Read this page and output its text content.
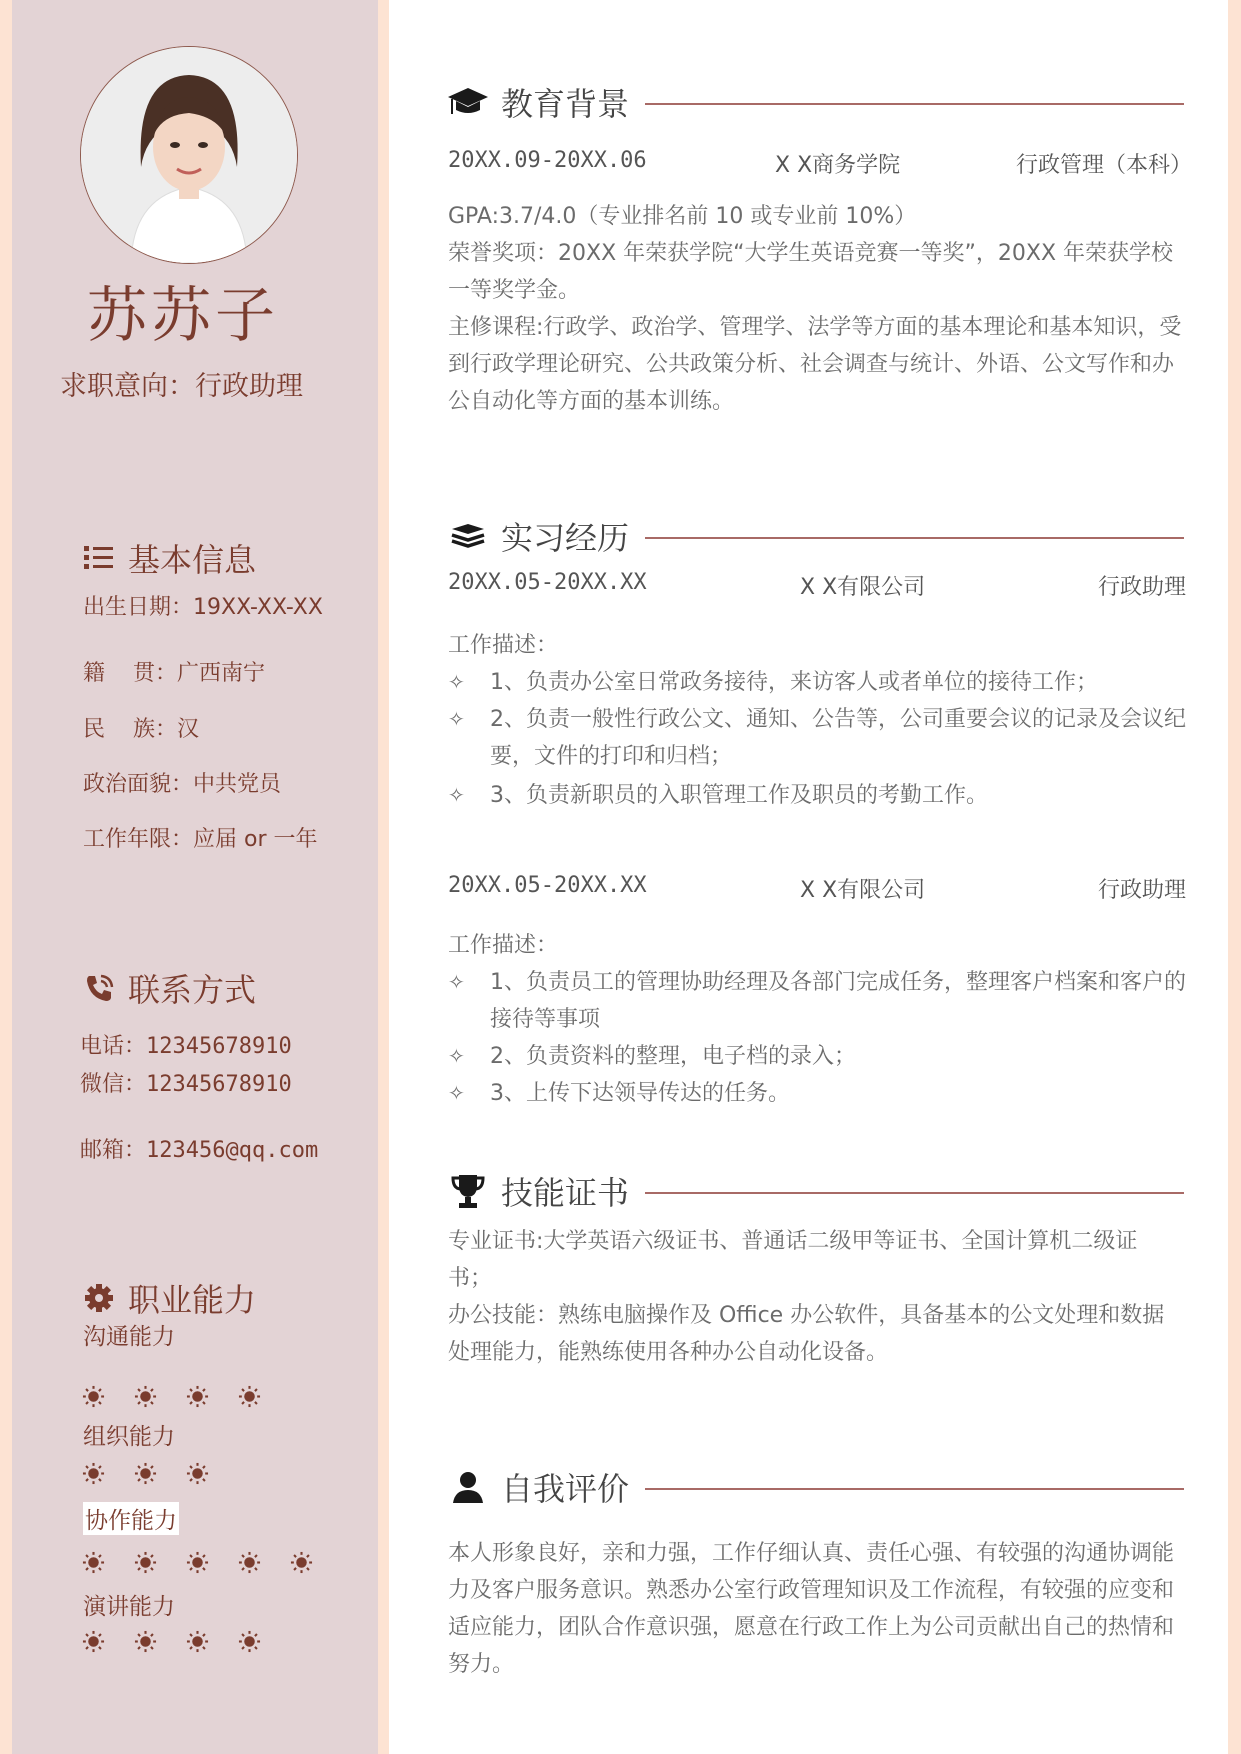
苏苏子
求职意向：行政助理
基本信息
出生日期：19XX-XX-XX
籍    贯：广西南宁
民    族：汉
政治面貌：中共党员
工作年限：应届 or 一年
联系方式
电话：12345678910
微信：12345678910
邮箱：123456@qq.com
职业能力
沟通能力
组织能力
协作能力
演讲能力
教育背景
20XX.09-20XX.06	X X商务学院	行政管理（本科）
GPA:3.7/4.0（专业排名前 10 或专业前 10%）
荣誉奖项：20XX 年荣获学院“大学生英语竞赛一等奖”，20XX 年荣获学校一等奖学金。
主修课程:行政学、政治学、管理学、法学等方面的基本理论和基本知识，受到行政学理论研究、公共政策分析、社会调查与统计、外语、公文写作和办公自动化等方面的基本训练。
实习经历
20XX.05-20XX.XX	X X有限公司	行政助理
工作描述：
✧ 1、负责办公室日常政务接待，来访客人或者单位的接待工作；
✧ 2、负责一般性行政公文、通知、公告等，公司重要会议的记录及会议纪要，文件的打印和归档；
✧ 3、负责新职员的入职管理工作及职员的考勤工作。
20XX.05-20XX.XX	X X有限公司	行政助理
工作描述：
✧ 1、负责员工的管理协助经理及各部门完成任务，整理客户档案和客户的接待等事项
✧ 2、负责资料的整理，电子档的录入；
✧ 3、上传下达领导传达的任务。
技能证书
专业证书:大学英语六级证书、普通话二级甲等证书、全国计算机二级证书；
办公技能：熟练电脑操作及 Office 办公软件，具备基本的公文处理和数据处理能力，能熟练使用各种办公自动化设备。
自我评价
本人形象良好，亲和力强，工作仔细认真、责任心强、有较强的沟通协调能力及客户服务意识。熟悉办公室行政管理知识及工作流程，有较强的应变和适应能力，团队合作意识强，愿意在行政工作上为公司贡献出自己的热情和努力。
